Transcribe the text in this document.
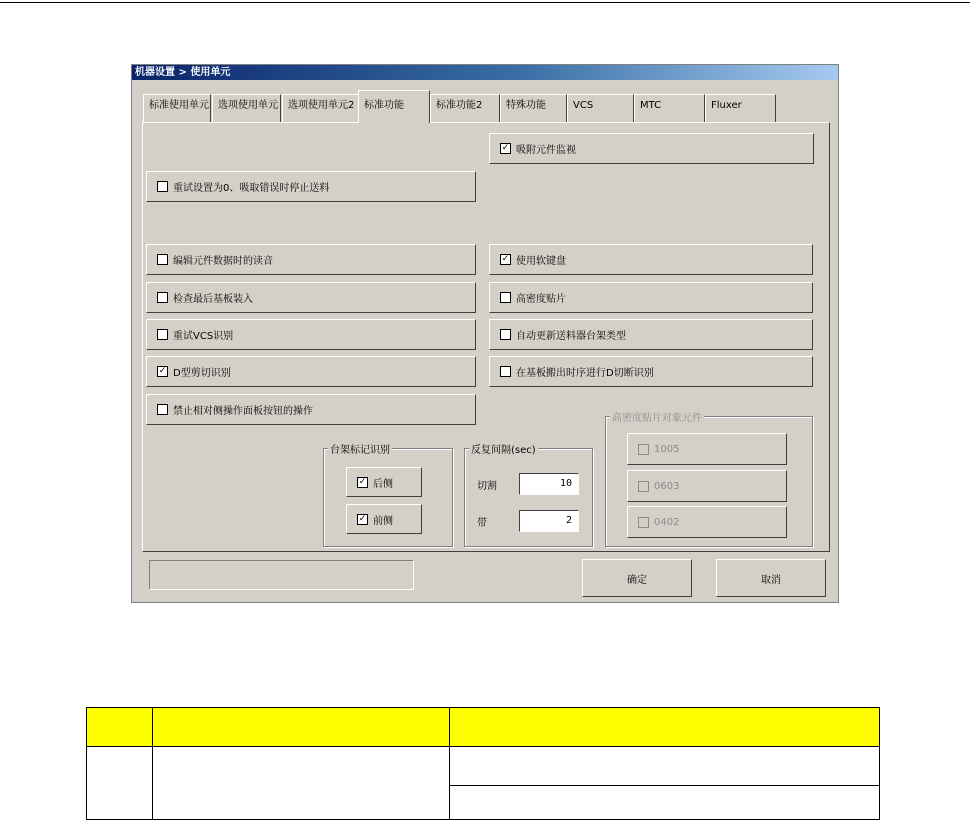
机器设置 > 使用单元
标准使用单元 选项使用单元	选项使用单元2 标准功能	标准功能2	特殊功能	VCS	MTC	Fluxer
✓ 吸附元件监视
重试设置为0、吸取错误时停止送料
编辑元件数据时的读音	✓ 使用软键盘
检查最后基板装入	高密度贴片
重试VCS识别	自动更新送料器台架类型
✓ D型剪切识别	在基板搬出时序进行D切断识别
禁止相对侧操作面板按钮的操作
台架标记识别
✓ 后侧
✓ 前侧
反复间隔(sec)
切割	10
带	2
高密度贴片对象元件
1005
0603
0402
确定	取消
